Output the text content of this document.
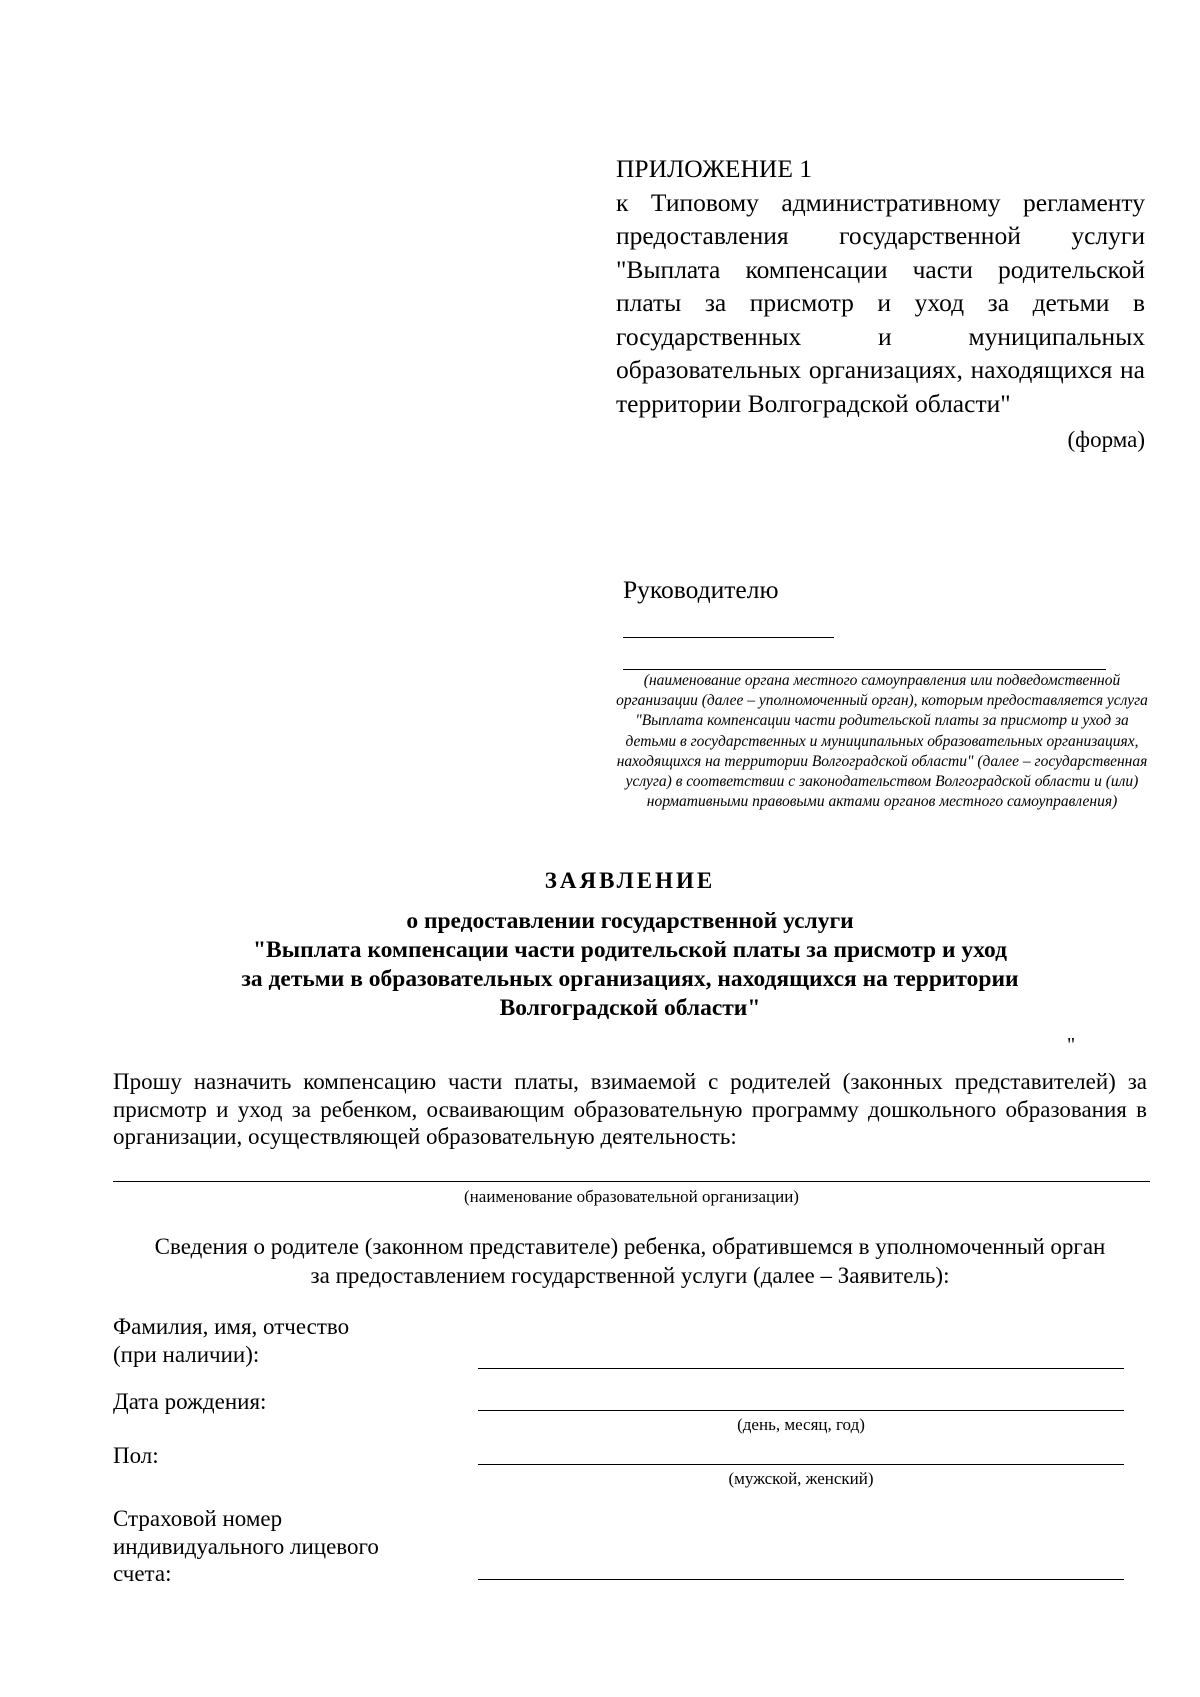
ПРИЛОЖЕНИЕ 1
к Типовому административному регламенту предоставления государственной услуги "Выплата компенсации части родительской платы за присмотр и уход за детьми в государственных и муниципальных образовательных организациях, находящихся на территории Волгоградской области"
(форма)
Руководителю
(наименование органа местного самоуправления или подведомственной организации (далее – уполномоченный орган), которым предоставляется услуга "Выплата компенсации части родительской платы за присмотр и уход за детьми в государственных и муниципальных образовательных организациях, находящихся на территории Волгоградской области" (далее – государственная услуга) в соответствии с законодательством Волгоградской области и (или) нормативными правовыми актами органов местного самоуправления)
ЗАЯВЛЕНИЕ
о предоставлении государственной услуги
"Выплата компенсации части родительской платы за присмотр и уход
за детьми в образовательных организациях, находящихся на территории
Волгоградской области"
"
Прошу назначить компенсацию части платы, взимаемой с родителей (законных представителей) за присмотр и уход за ребенком, осваивающим образовательную программу дошкольного образования в организации, осуществляющей образовательную деятельность:
(наименование образовательной организации)
Сведения о родителе (законном представителе) ребенка, обратившемся в уполномоченный орган
за предоставлением государственной услуги (далее – Заявитель):
Фамилия, имя, отчество
(при наличии):
Дата рождения:
(день, месяц, год)
Пол:
(мужской, женский)
Страховой номер
индивидуального лицевого
счета:
